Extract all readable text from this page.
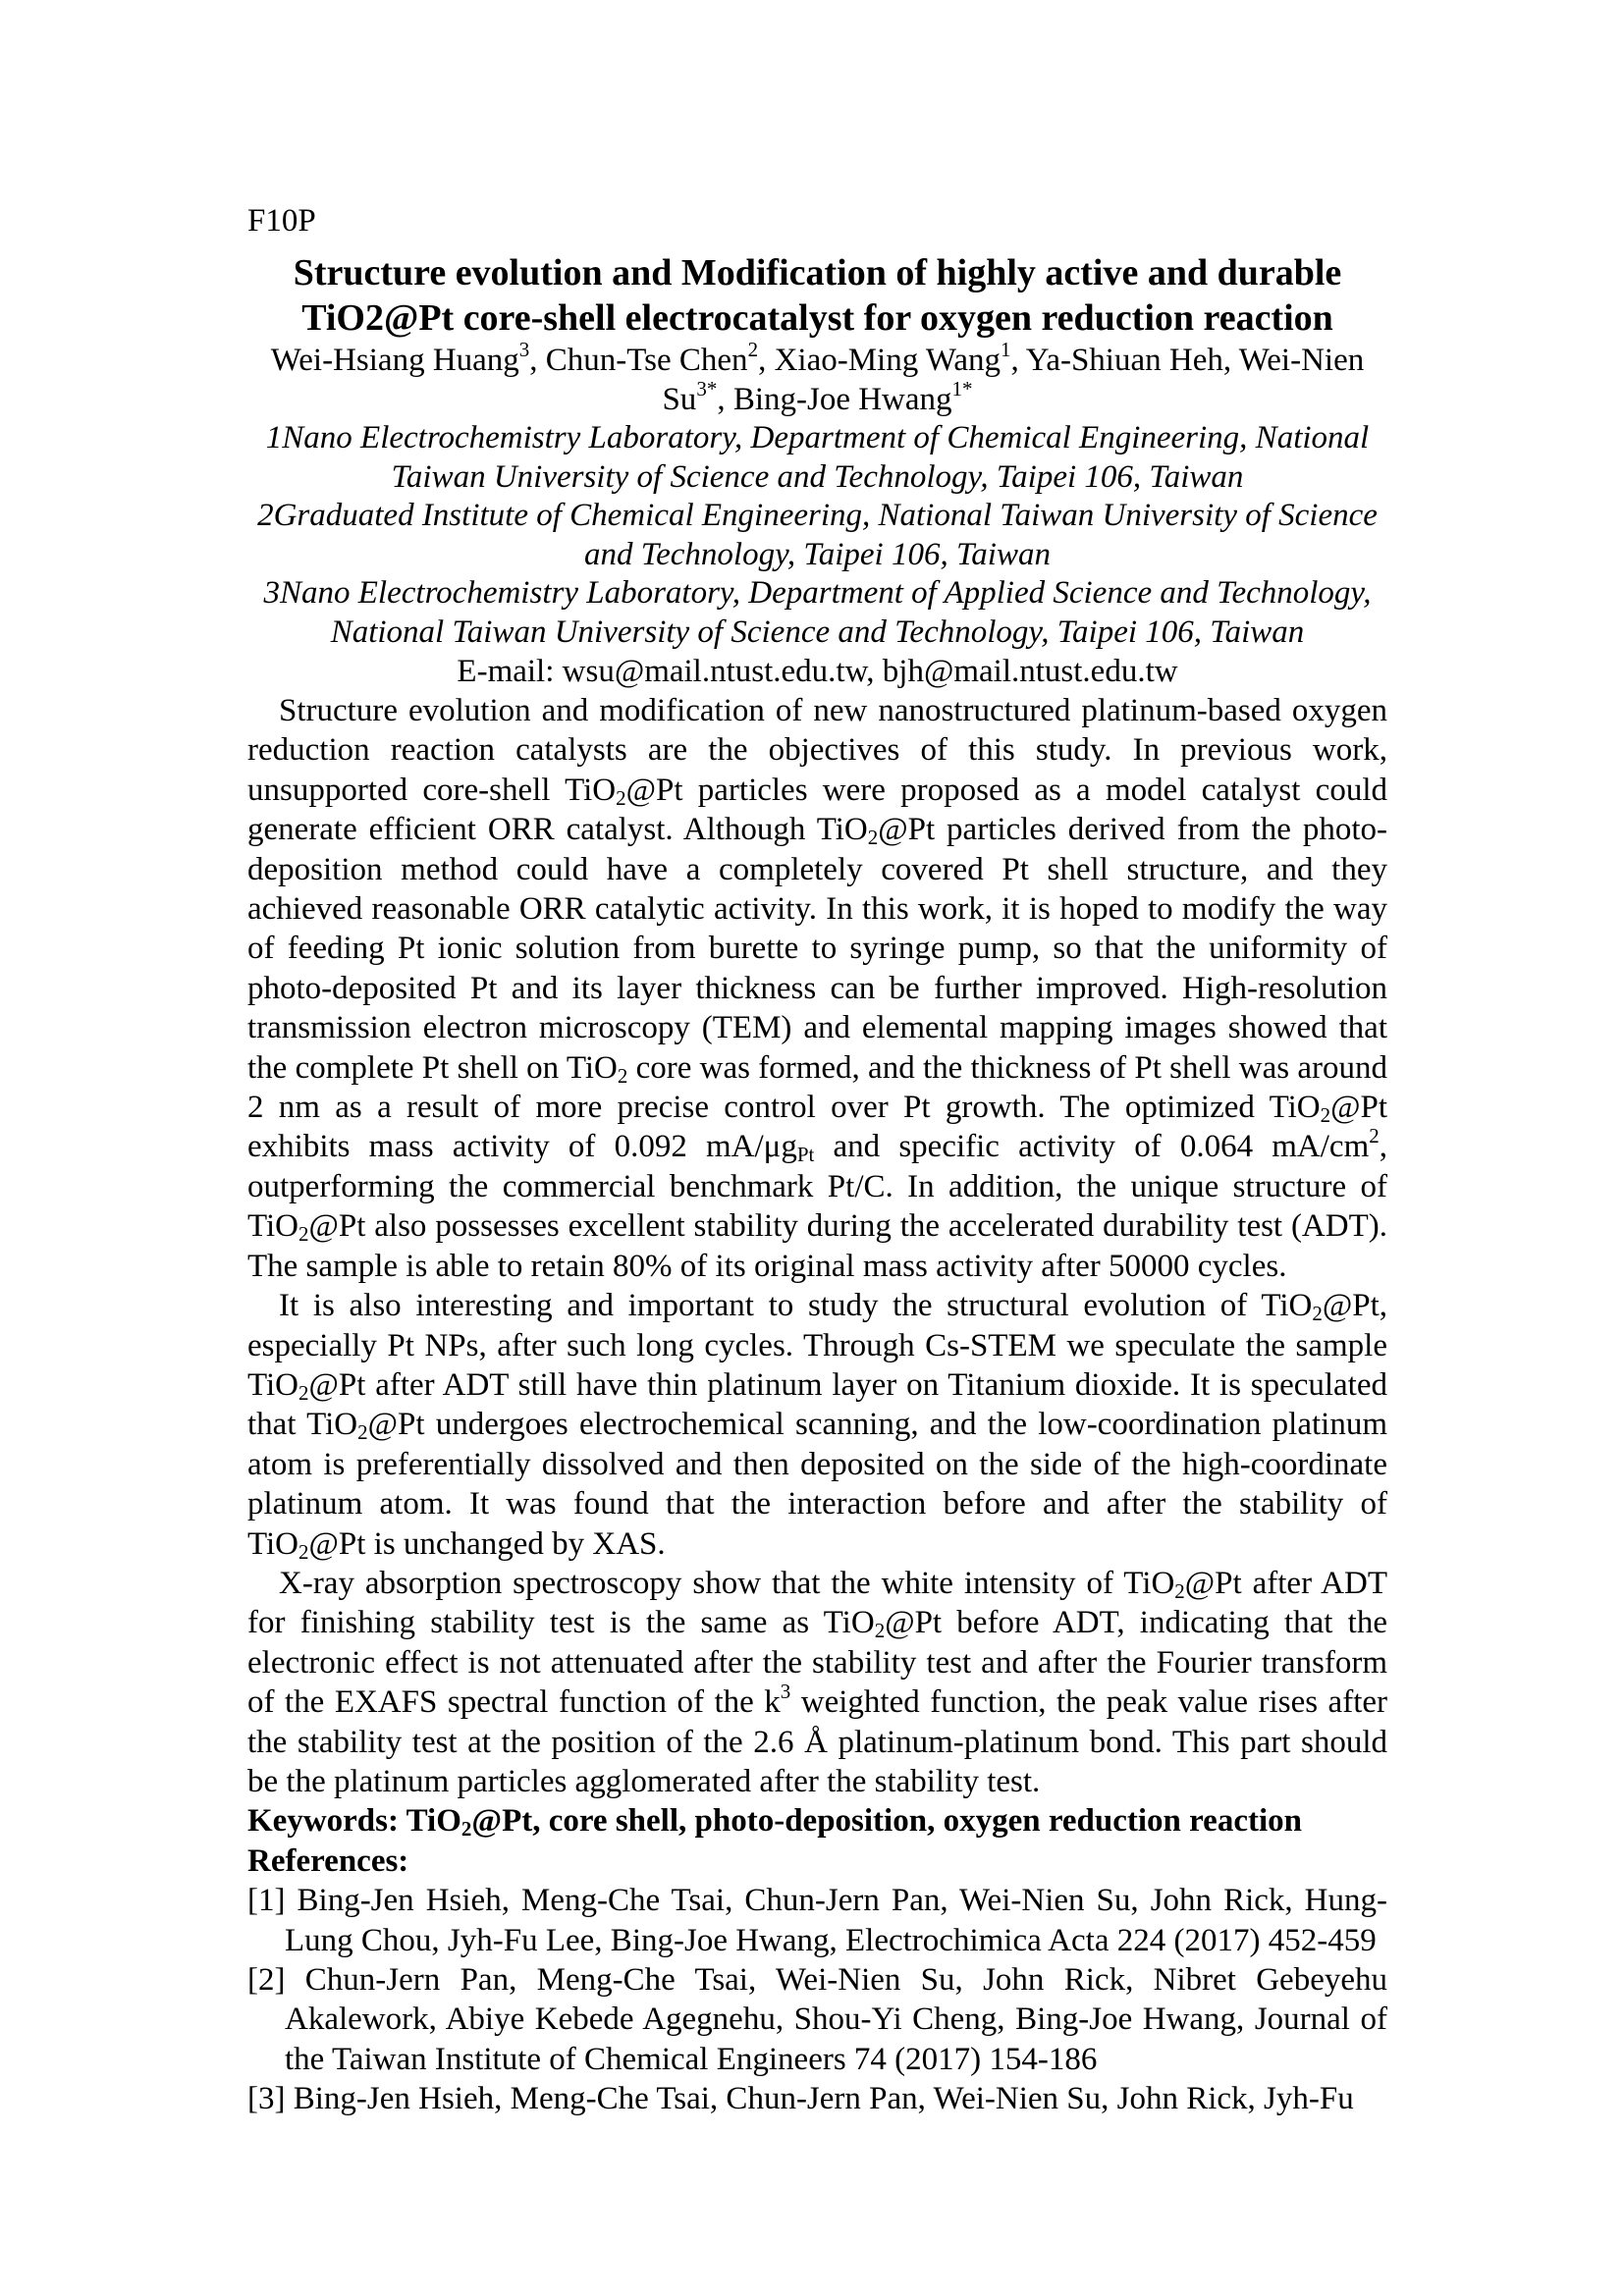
F10P
Structure evolution and Modification of highly active and durable
TiO2@Pt core-shell electrocatalyst for oxygen reduction reaction
Wei-Hsiang Huang$^3$, Chun-Tse Chen$^2$, Xiao-Ming Wang$^1$, Ya-Shiuan Heh, Wei-Nien $Su^{3*}$, Bing-Joe Hwang$^{1*}$
1Nano Electrochemistry Laboratory, Department of Chemical Engineering, National Taiwan University of Science and Technology, Taipei 106, Taiwan
2Graduated Institute of Chemical Engineering, National Taiwan University of Science and Technology, Taipei 106, Taiwan
3Nano Electrochemistry Laboratory, Department of Applied Science and Technology, National Taiwan University of Science and Technology, Taipei 106, Taiwan
E-mail: wsu@mail.ntust.edu.tw, bjh@mail.ntust.edu.tw

Structure evolution and modification of new nanostructured platinum-based oxygen reduction reaction catalysts are the objectives of this study. In previous work, unsupported core-shell TiO$_2$@Pt particles were proposed as a model catalyst could generate efficient ORR catalyst. Although TiO$_2$@Pt particles derived from the photo-deposition method could have a completely covered Pt shell structure, and they achieved reasonable ORR catalytic activity. In this work, it is hoped to modify the way of feeding Pt ionic solution from burette to syringe pump, so that the uniformity of photo-deposited Pt and its layer thickness can be further improved. High-resolution transmission electron microscopy (TEM) and elemental mapping images showed that the complete Pt shell on TiO$_2$ core was formed, and the thickness of Pt shell was around 2 nm as a result of more precise control over Pt growth. The optimized TiO$_2$@Pt exhibits mass activity of 0.092 $mA/\mu g_{Pt}$ and specific activity of 0.064 $mA/cm^2$, outperforming the commercial benchmark Pt/C. In addition, the unique structure of TiO$_2$@Pt also possesses excellent stability during the accelerated durability test (ADT). The sample is able to retain 80% of its original mass activity after 50000 cycles.

It is also interesting and important to study the structural evolution of TiO$_2$@Pt, especially Pt NPs, after such long cycles. Through Cs-STEM we speculate the sample TiO$_2$@Pt after ADT still have thin platinum layer on Titanium dioxide. It is speculated that TiO$_2$@Pt undergoes electrochemical scanning, and the low-coordination platinum atom is preferentially dissolved and then deposited on the side of the high-coordinate platinum atom. It was found that the interaction before and after the stability of TiO$_2$@Pt is unchanged by XAS.

X-ray absorption spectroscopy show that the white intensity of TiO$_2$@Pt after ADT for finishing stability test is the same as TiO$_2$@Pt before ADT, indicating that the electronic effect is not attenuated after the stability test and after the Fourier transform of the EXAFS spectral function of the $k^3$ weighted function, the peak value rises after the stability test at the position of the 2.6 Å platinum-platinum bond. This part should be the platinum particles agglomerated after the stability test.

Keywords: TiO$_2$@Pt, core shell, photo-deposition, oxygen reduction reaction
References:
[1] Bing-Jen Hsieh, Meng-Che Tsai, Chun-Jern Pan, Wei-Nien Su, John Rick, Hung-Lung Chou, Jyh-Fu Lee, Bing-Joe Hwang, Electrochimica Acta 224 (2017) 452-459
[2] Chun-Jern Pan, Meng-Che Tsai, Wei-Nien Su, John Rick, Nibret Gebeyehu Akalework, Abiye Kebede Agegnehu, Shou-Yi Cheng, Bing-Joe Hwang, Journal of the Taiwan Institute of Chemical Engineers 74 (2017) 154-186
[3] Bing-Jen Hsieh, Meng-Che Tsai, Chun-Jern Pan, Wei-Nien Su, John Rick, Jyh-Fu
